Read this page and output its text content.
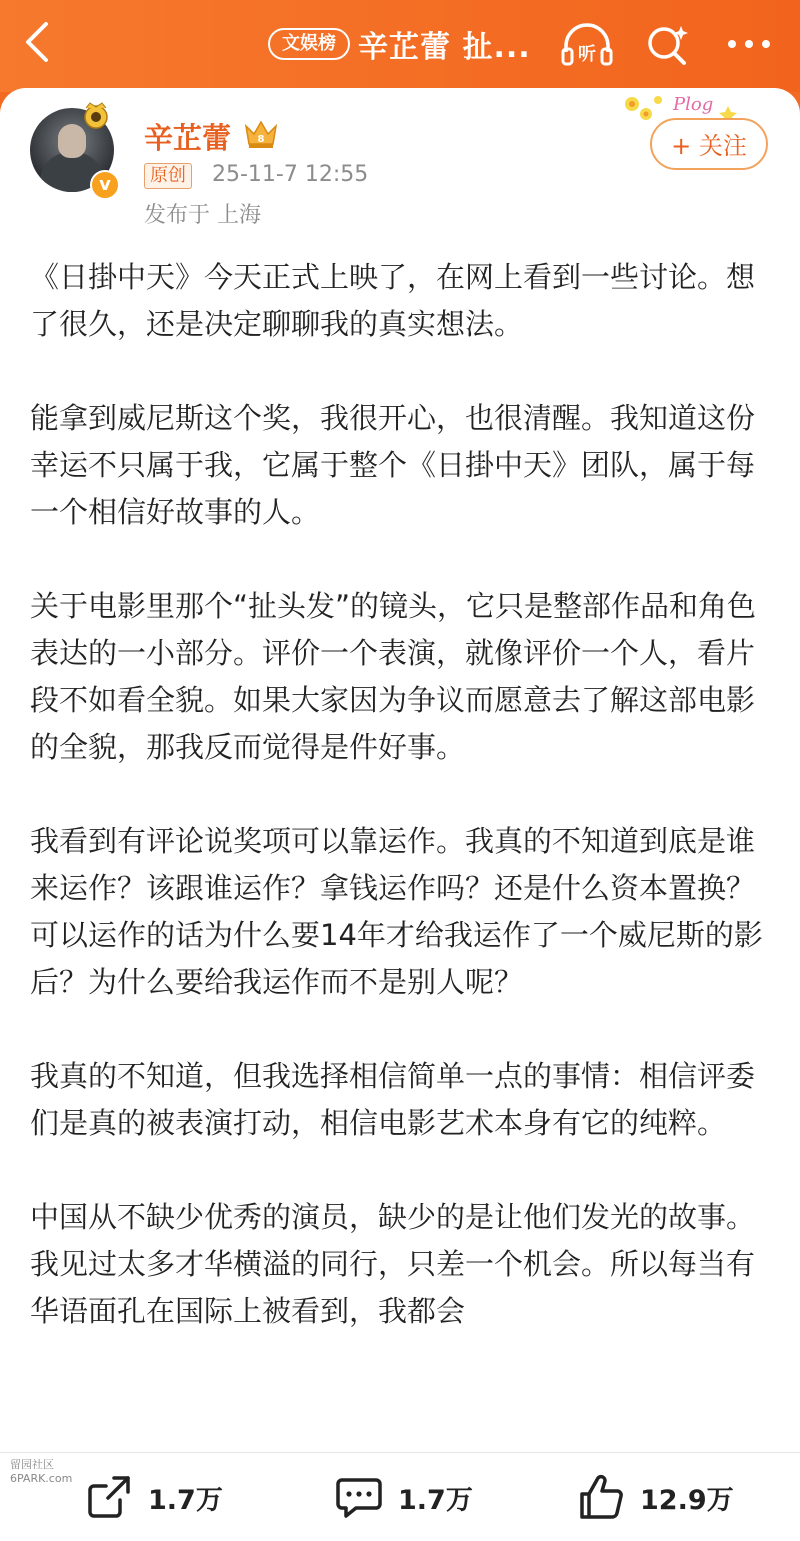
文娱榜 辛芷蕾 扯...	听
v
辛芷蕾	8
原创 25-11-7 12:55
发布于 上海
Plog
+ 关注

《日掛中天》今天正式上映了，在网上看到一些讨论。想了很久，还是决定聊聊我的真实想法。

能拿到威尼斯这个奖，我很开心，也很清醒。我知道这份幸运不只属于我，它属于整个《日掛中天》团队，属于每一个相信好故事的人。

关于电影里那个“扯头发”的镜头，它只是整部作品和角色表达的一小部分。评价一个表演，就像评价一个人，看片段不如看全貌。如果大家因为争议而愿意去了解这部电影的全貌，那我反而觉得是件好事。

我看到有评论说奖项可以靠运作。我真的不知道到底是谁来运作？该跟谁运作？拿钱运作吗？还是什么资本置换？可以运作的话为什么要14年才给我运作了一个威尼斯的影后？为什么要给我运作而不是别人呢？

我真的不知道，但我选择相信简单一点的事情：相信评委们是真的被表演打动，相信电影艺术本身有它的纯粹。

中国从不缺少优秀的演员，缺少的是让他们发光的故事。我见过太多才华横溢的同行，只差一个机会。所以每当有华语面孔在国际上被看到，我都会

1.7万	1.7万	12.9万
留园社区 6PARK.com
